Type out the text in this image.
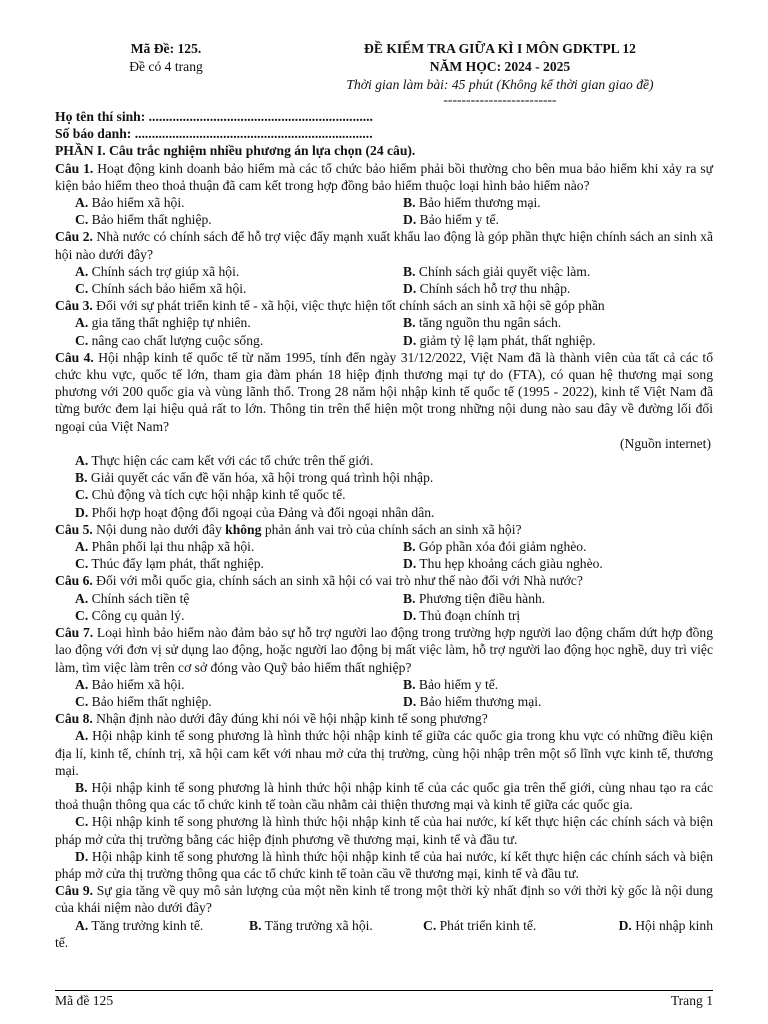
Mã Đề: 125.
Đề có 4 trang
ĐỀ KIỂM TRA GIỮA KÌ I MÔN GDKTPL 12
NĂM HỌC: 2024 - 2025
Thời gian làm bài: 45 phút (Không kể thời gian giao đề)
-------------------------
Họ tên thí sinh: ..................................................................
Số báo danh: ......................................................................
PHẦN I. Câu trắc nghiệm nhiều phương án lựa chọn (24 câu).
Câu 1. Hoạt động kinh doanh bảo hiểm mà các tổ chức bảo hiểm phải bồi thường cho bên mua bảo hiểm khi xảy ra sự kiện bảo hiểm theo thoả thuận đã cam kết trong hợp đồng bảo hiểm thuộc loại hình bảo hiểm nào?
A. Bảo hiểm xã hội.	B. Bảo hiểm thương mại.
C. Bảo hiểm thất nghiệp.	D. Bảo hiểm y tế.
Câu 2. Nhà nước có chính sách để hỗ trợ việc đẩy mạnh xuất khẩu lao động là góp phần thực hiện chính sách an sinh xã hội nào dưới đây?
A. Chính sách trợ giúp xã hội.	B. Chính sách giải quyết việc làm.
C. Chính sách bảo hiểm xã hội.	D. Chính sách hỗ trợ thu nhập.
Câu 3. Đối với sự phát triển kinh tế - xã hội, việc thực hiện tốt chính sách an sinh xã hội sẽ góp phần
A. gia tăng thất nghiệp tự nhiên.	B. tăng nguồn thu ngân sách.
C. nâng cao chất lượng cuộc sống.	D. giảm tỷ lệ lạm phát, thất nghiệp.
Câu 4. Hội nhập kinh tế quốc tế từ năm 1995, tính đến ngày 31/12/2022, Việt Nam đã là thành viên của tất cả các tổ chức khu vực, quốc tế lớn, tham gia đàm phán 18 hiệp định thương mại tự do (FTA), có quan hệ thương mại song phương với 200 quốc gia và vùng lãnh thổ. Trong 28 năm hội nhập kinh tế quốc tế (1995 - 2022), kinh tế Việt Nam đã từng bước đem lại hiệu quả rất to lớn. Thông tin trên thể hiện một trong những nội dung nào sau đây về đường lối đối ngoại của Việt Nam?
(Nguồn internet)
A. Thực hiện các cam kết với các tổ chức trên thế giới.
B. Giải quyết các vấn đề văn hóa, xã hội trong quá trình hội nhập.
C. Chủ động và tích cực hội nhập kinh tế quốc tế.
D. Phối hợp hoạt động đối ngoại của Đảng và đối ngoại nhân dân.
Câu 5. Nội dung nào dưới đây không phản ánh vai trò của chính sách an sinh xã hội?
A. Phân phối lại thu nhập xã hội.	B. Góp phần xóa đói giảm nghèo.
C. Thúc đẩy lạm phát, thất nghiệp.	D. Thu hẹp khoảng cách giàu nghèo.
Câu 6. Đối với mỗi quốc gia, chính sách an sinh xã hội có vai trò như thế nào đối với Nhà nước?
A. Chính sách tiền tệ	B. Phương tiện điều hành.
C. Công cụ quản lý.	D. Thủ đoạn chính trị
Câu 7. Loại hình bảo hiểm nào đảm bảo sự hỗ trợ người lao động trong trường hợp người lao động chấm dứt hợp đồng lao động với đơn vị sử dụng lao động, hoặc người lao động bị mất việc làm, hỗ trợ người lao động học nghề, duy trì việc làm, tìm việc làm trên cơ sở đóng vào Quỹ bảo hiểm thất nghiệp?
A. Bảo hiểm xã hội.	B. Bảo hiểm y tế.
C. Bảo hiểm thất nghiệp.	D. Bảo hiểm thương mại.
Câu 8. Nhận định nào dưới đây đúng khi nói về hội nhập kinh tế song phương?
A. Hội nhập kinh tế song phương là hình thức hội nhập kinh tế giữa các quốc gia trong khu vực có những điều kiện địa lí, kinh tế, chính trị, xã hội cam kết với nhau mở cửa thị trường, cùng hội nhập trên một số lĩnh vực kinh tế, thương mại.
B. Hội nhập kinh tế song phương là hình thức hội nhập kinh tế của các quốc gia trên thế giới, cùng nhau tạo ra các thoả thuận thông qua các tổ chức kinh tế toàn cầu nhằm cải thiện thương mại và kinh tế giữa các quốc gia.
C. Hội nhập kinh tế song phương là hình thức hội nhập kinh tế của hai nước, kí kết thực hiện các chính sách và biện pháp mở cửa thị trường bằng các hiệp định phương về thương mại, kinh tế và đầu tư.
D. Hội nhập kinh tế song phương là hình thức hội nhập kinh tế của hai nước, kí kết thực hiện các chính sách và biện pháp mở cửa thị trường thông qua các tổ chức kinh tế toàn cầu về thương mại, kinh tế và đầu tư.
Câu 9. Sự gia tăng về quy mô sản lượng của một nền kinh tế trong một thời kỳ nhất định so với thời kỳ gốc là nội dung của khái niệm nào dưới đây?
A. Tăng trưởng kinh tế.	B. Tăng trưởng xã hội.	C. Phát triển kinh tế.	D. Hội nhập kinh
tế.
Mã đề 125	Trang 1
